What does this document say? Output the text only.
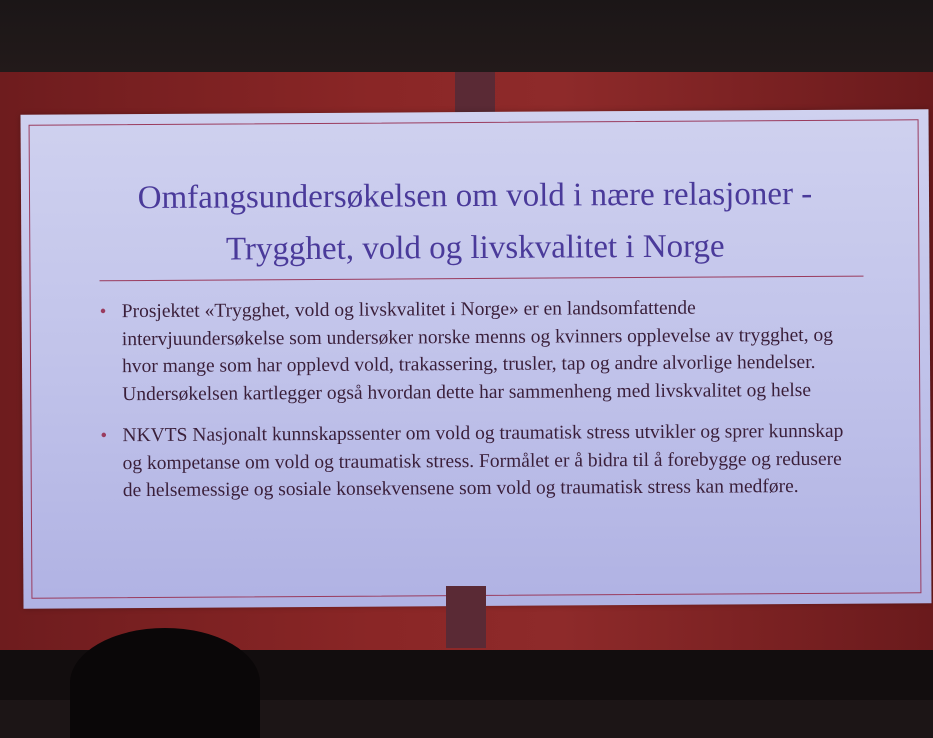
Omfangsundersøkelsen om vold i nære relasjoner -
Trygghet, vold og livskvalitet i Norge
• Prosjektet «Trygghet, vold og livskvalitet i Norge» er en landsomfattende intervjuundersøkelse som undersøker norske menns og kvinners opplevelse av trygghet, og hvor mange som har opplevd vold, trakassering, trusler, tap og andre alvorlige hendelser. Undersøkelsen kartlegger også hvordan dette har sammenheng med livskvalitet og helse
• NKVTS Nasjonalt kunnskapssenter om vold og traumatisk stress utvikler og sprer kunnskap og kompetanse om vold og traumatisk stress. Formålet er å bidra til å forebygge og redusere de helsemessige og sosiale konsekvensene som vold og traumatisk stress kan medføre.
